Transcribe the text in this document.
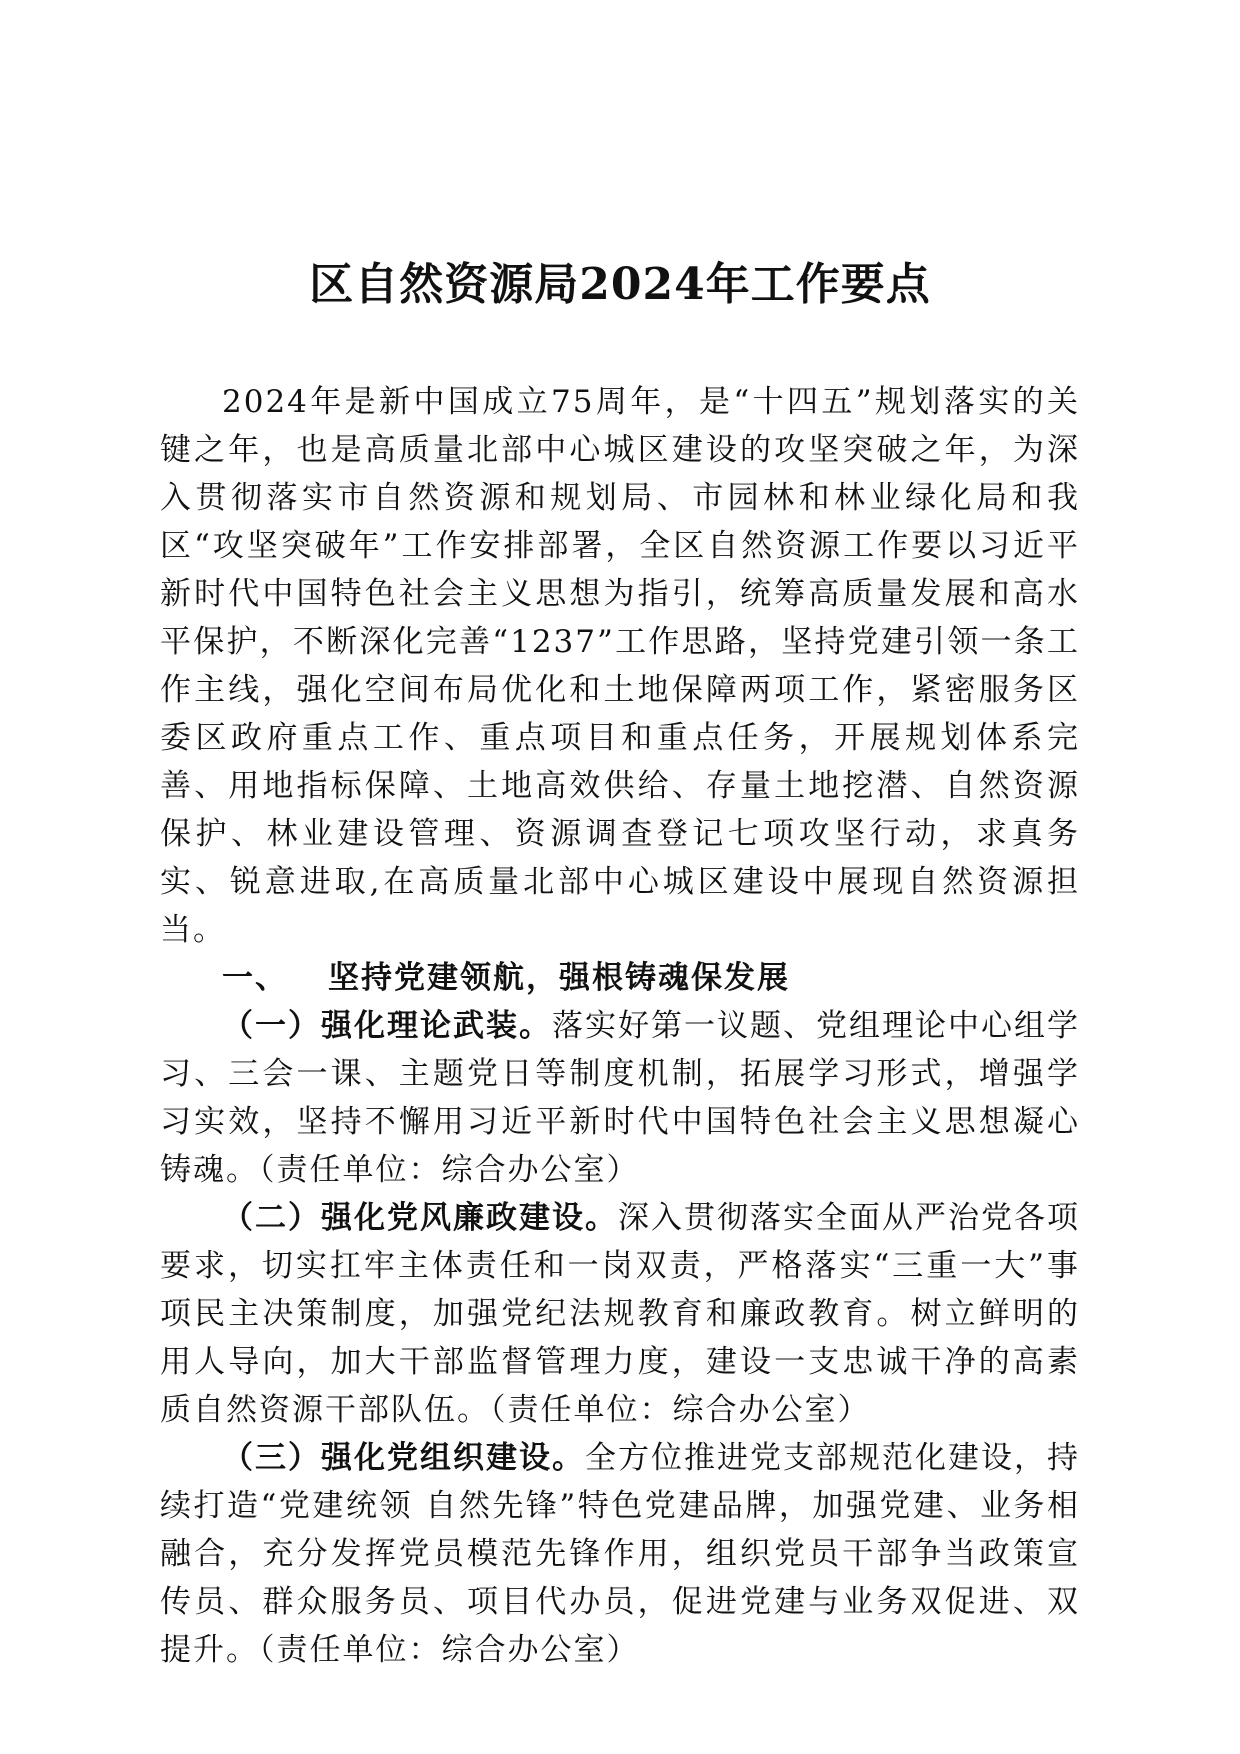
区自然资源局2024年工作要点

2024年是新中国成立75周年，是“十四五”规划落实的关键之年，也是高质量北部中心城区建设的攻坚突破之年，为深入贯彻落实市自然资源和规划局、市园林和林业绿化局和我区“攻坚突破年”工作安排部署，全区自然资源工作要以习近平新时代中国特色社会主义思想为指引，统筹高质量发展和高水平保护，不断深化完善“1237”工作思路，坚持党建引领一条工作主线，强化空间布局优化和土地保障两项工作，紧密服务区委区政府重点工作、重点项目和重点任务，开展规划体系完善、用地指标保障、土地高效供给、存量土地挖潜、自然资源保护、林业建设管理、资源调查登记七项攻坚行动，求真务实、锐意进取,在高质量北部中心城区建设中展现自然资源担当。

一、 坚持党建领航，强根铸魂保发展

（一）强化理论武装。落实好第一议题、党组理论中心组学习、三会一课、主题党日等制度机制，拓展学习形式，增强学习实效，坚持不懈用习近平新时代中国特色社会主义思想凝心铸魂。（责任单位：综合办公室）

（二）强化党风廉政建设。深入贯彻落实全面从严治党各项要求，切实扛牢主体责任和一岗双责，严格落实“三重一大”事项民主决策制度，加强党纪法规教育和廉政教育。树立鲜明的用人导向，加大干部监督管理力度，建设一支忠诚干净的高素质自然资源干部队伍。（责任单位：综合办公室）

（三）强化党组织建设。全方位推进党支部规范化建设，持续打造“党建统领 自然先锋”特色党建品牌，加强党建、业务相融合，充分发挥党员模范先锋作用，组织党员干部争当政策宣传员、群众服务员、项目代办员，促进党建与业务双促进、双提升。（责任单位：综合办公室）
